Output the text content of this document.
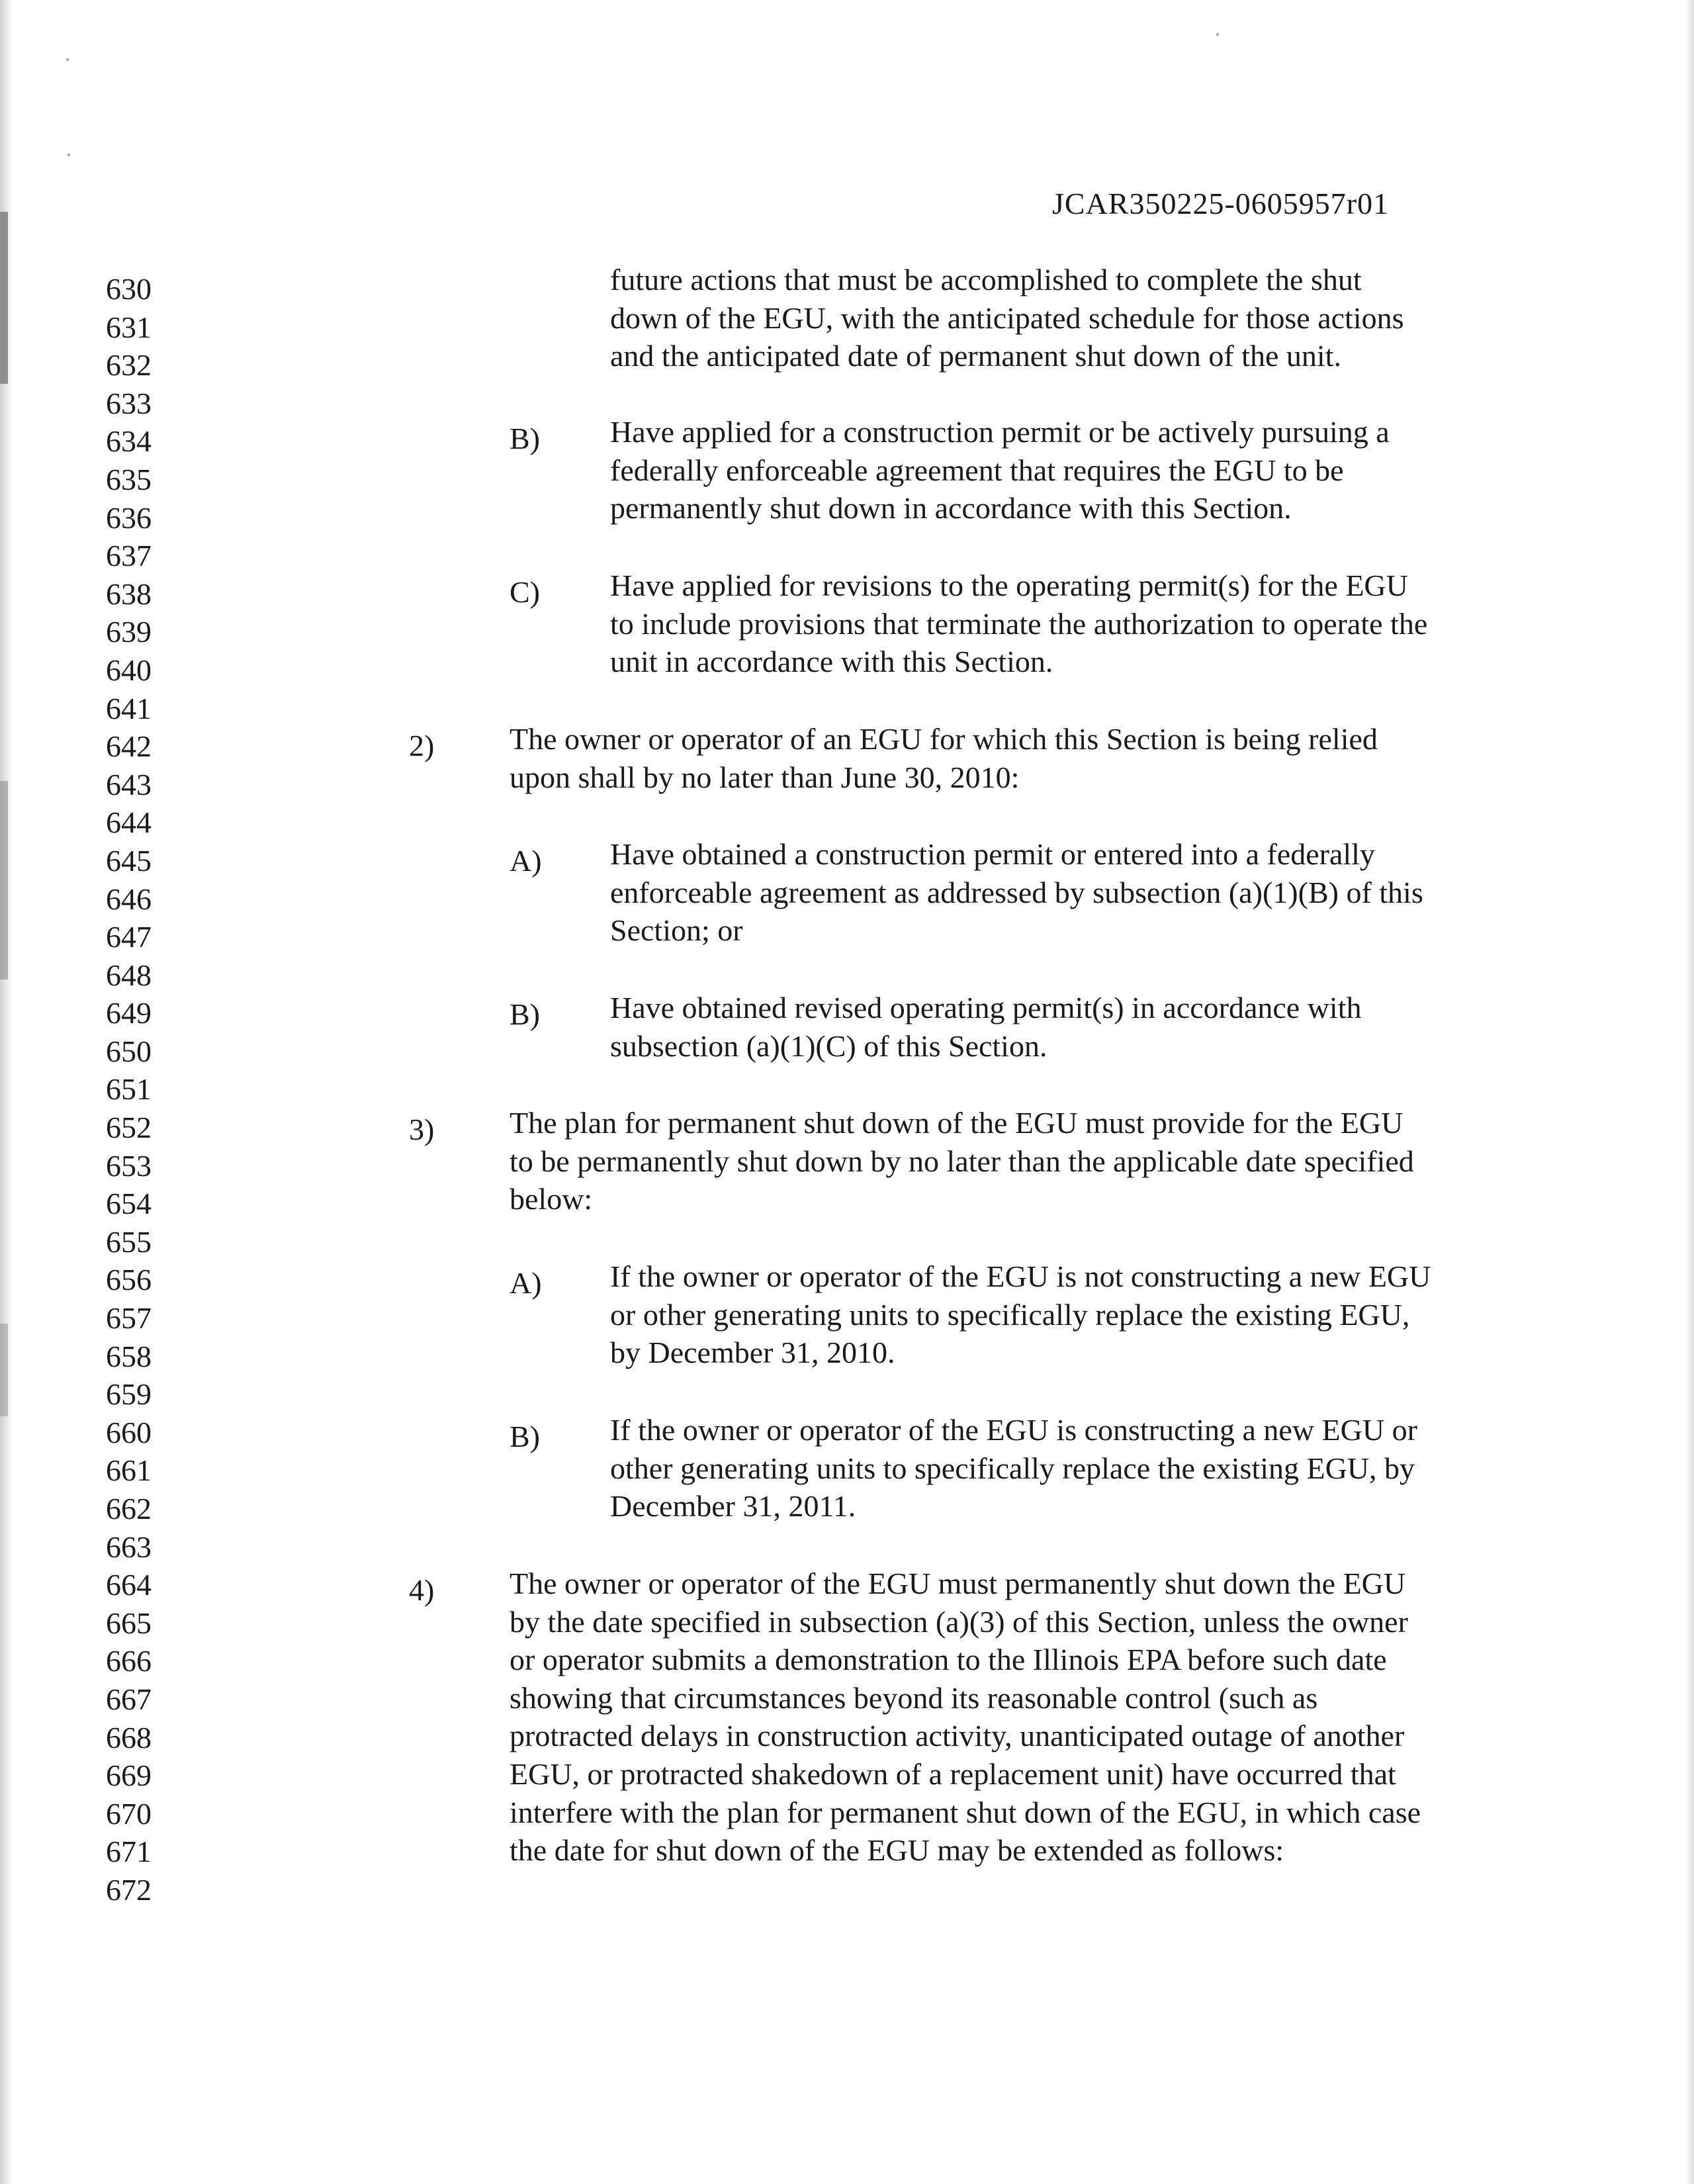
JCAR350225-0605957r01
630
631
632
633
634
635
636
637
638
639
640
641
642
643
644
645
646
647
648
649
650
651
652
653
654
655
656
657
658
659
660
661
662
663
664
665
666
667
668
669
670
671
672

future actions that must be accomplished to complete the shut
down of the EGU, with the anticipated schedule for those actions
and the anticipated date of permanent shut down of the unit.

B) Have applied for a construction permit or be actively pursuing a
federally enforceable agreement that requires the EGU to be
permanently shut down in accordance with this Section.

C) Have applied for revisions to the operating permit(s) for the EGU
to include provisions that terminate the authorization to operate the
unit in accordance with this Section.

2) The owner or operator of an EGU for which this Section is being relied
upon shall by no later than June 30, 2010:

A) Have obtained a construction permit or entered into a federally
enforceable agreement as addressed by subsection (a)(1)(B) of this
Section; or

B) Have obtained revised operating permit(s) in accordance with
subsection (a)(1)(C) of this Section.

3) The plan for permanent shut down of the EGU must provide for the EGU
to be permanently shut down by no later than the applicable date specified
below:

A) If the owner or operator of the EGU is not constructing a new EGU
or other generating units to specifically replace the existing EGU,
by December 31, 2010.

B) If the owner or operator of the EGU is constructing a new EGU or
other generating units to specifically replace the existing EGU, by
December 31, 2011.

4) The owner or operator of the EGU must permanently shut down the EGU
by the date specified in subsection (a)(3) of this Section, unless the owner
or operator submits a demonstration to the Illinois EPA before such date
showing that circumstances beyond its reasonable control (such as
protracted delays in construction activity, unanticipated outage of another
EGU, or protracted shakedown of a replacement unit) have occurred that
interfere with the plan for permanent shut down of the EGU, in which case
the date for shut down of the EGU may be extended as follows:
